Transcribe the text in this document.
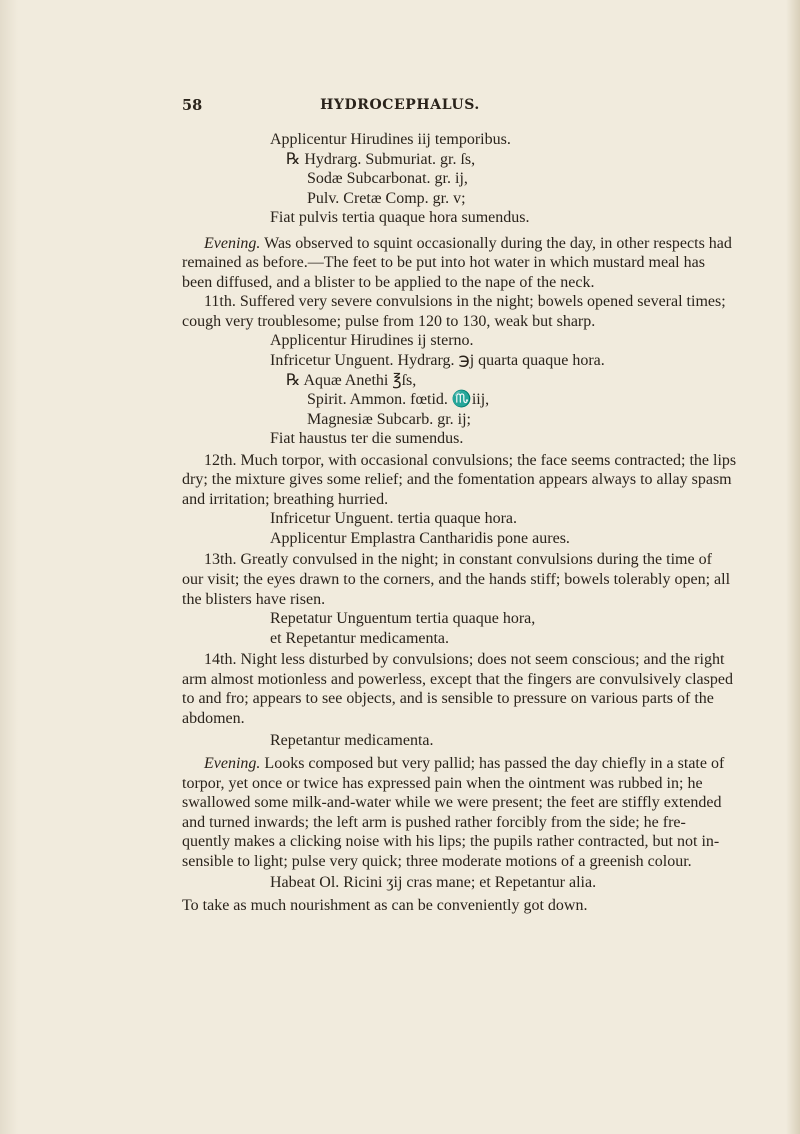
58	HYDROCEPHALUS.
Applicentur Hirudines iij temporibus.
℞ Hydrarg. Submuriat. gr. ſs,
Sodæ Subcarbonat. gr. ij,
Pulv. Cretæ Comp. gr. v;
Fiat pulvis tertia quaque hora sumendus.
Evening. Was observed to squint occasionally during the day, in other respects had
remained as before.—The feet to be put into hot water in which mustard meal has
been diffused, and a blister to be applied to the nape of the neck.
11th. Suffered very severe convulsions in the night; bowels opened several times;
cough very troublesome; pulse from 120 to 130, weak but sharp.
Applicentur Hirudines ij sterno.
Infricetur Unguent. Hydrarg. ℈j quarta quaque hora.
℞ Aquæ Anethi ℥ſs,
Spirit. Ammon. fœtid. ♏iij,
Magnesiæ Subcarb. gr. ij;
Fiat haustus ter die sumendus.
12th. Much torpor, with occasional convulsions; the face seems contracted; the lips
dry; the mixture gives some relief; and the fomentation appears always to allay spasm
and irritation; breathing hurried.
Infricetur Unguent. tertia quaque hora.
Applicentur Emplastra Cantharidis pone aures.
13th. Greatly convulsed in the night; in constant convulsions during the time of
our visit; the eyes drawn to the corners, and the hands stiff; bowels tolerably open; all
the blisters have risen.
Repetatur Unguentum tertia quaque hora,
et Repetantur medicamenta.
14th. Night less disturbed by convulsions; does not seem conscious; and the right
arm almost motionless and powerless, except that the fingers are convulsively clasped
to and fro; appears to see objects, and is sensible to pressure on various parts of the
abdomen.
Repetantur medicamenta.
Evening. Looks composed but very pallid; has passed the day chiefly in a state of
torpor, yet once or twice has expressed pain when the ointment was rubbed in; he
swallowed some milk-and-water while we were present; the feet are stiffly extended
and turned inwards; the left arm is pushed rather forcibly from the side; he fre-
quently makes a clicking noise with his lips; the pupils rather contracted, but not in-
sensible to light; pulse very quick; three moderate motions of a greenish colour.
Habeat Ol. Ricini ʒij cras mane; et Repetantur alia.
To take as much nourishment as can be conveniently got down.
